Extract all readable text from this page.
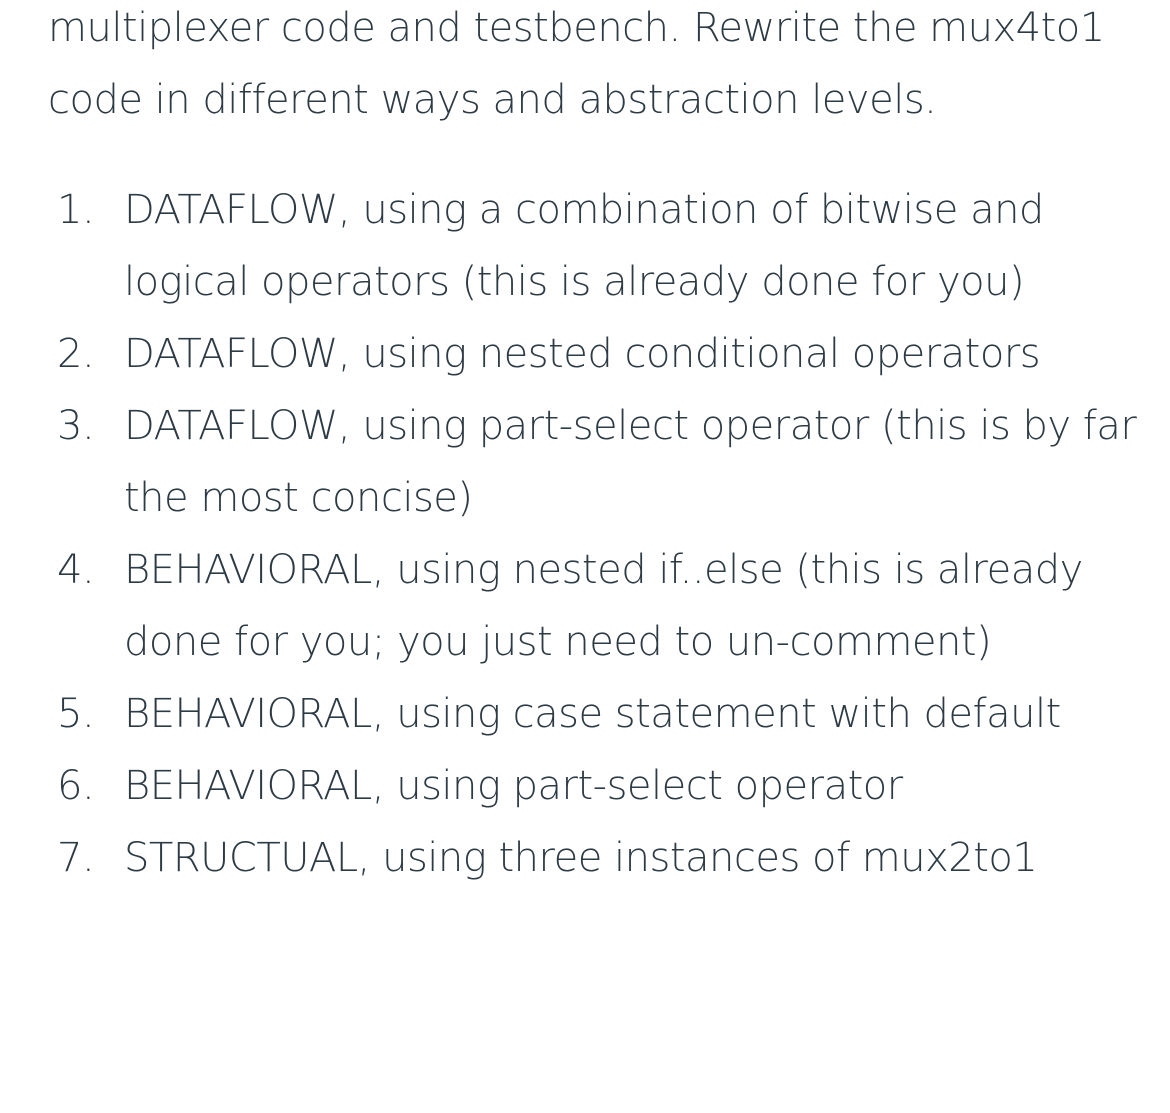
multiplexer code and testbench. Rewrite the mux4to1 code in different ways and abstraction levels.

1. DATAFLOW, using a combination of bitwise and logical operators (this is already done for you)
2. DATAFLOW, using nested conditional operators
3. DATAFLOW, using part-select operator (this is by far the most concise)
4. BEHAVIORAL, using nested if..else (this is already done for you; you just need to un-comment)
5. BEHAVIORAL, using case statement with default
6. BEHAVIORAL, using part-select operator
7. STRUCTUAL, using three instances of mux2to1
